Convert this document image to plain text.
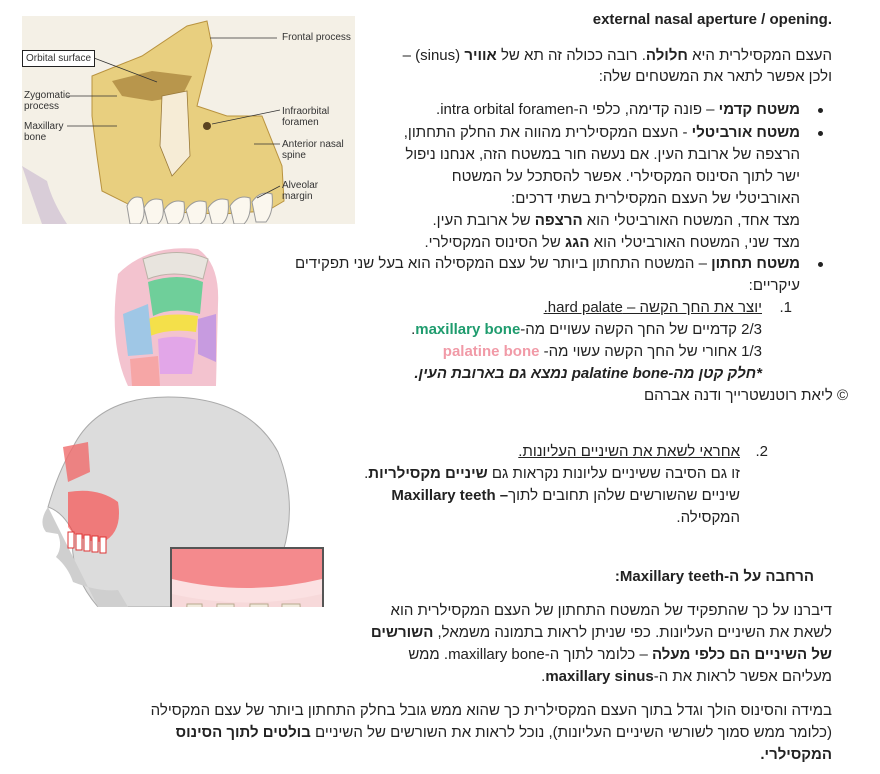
.external nasal aperture / opening
העצם המקסילרית היא חלולה. רובה ככולה זה תא של אוויר (sinus) –
ולכן אפשר לתאר את המשטחים שלה:
משטח קדמי – פונה קדימה, כלפי ה-intra orbital foramen.
משטח אורביטלי - העצם המקסילרית מהווה את החלק התחתון,
הרצפה של ארובת העין. אם נעשה חור במשטח הזה, אנחנו ניפול
ישר לתוך הסינוס המקסילרי. אפשר להסתכל על המשטח
האורביטלי של העצם המקסילרית בשתי דרכים:
מצד אחד, המשטח האורביטלי הוא הרצפה של ארובת העין.
מצד שני, המשטח האורביטלי הוא הגג של הסינוס המקסילרי.
משטח תחתון – המשטח התחתון ביותר של עצם המקסילה הוא בעל שני תפקידים
עיקריים:
1.
יוצר את החך הקשה – hard palate.
2/3 קדמיים של החך הקשה עשויים מה-maxillary bone.
1/3 אחורי של החך הקשה עשוי מה- palatine bone
*חלק קטן מה-palatine bone נמצא גם בארובת העין.
© ליאת רוטנשטרייך ודנה אברהם
2.
אחראי לשאת את השיניים העליונות.
זו גם הסיבה ששיניים עליונות נקראות גם שיניים מקסילריות.
שיניים שהשורשים שלהן תחובים לתוךMaxillary teeth –
המקסילה.
הרחבה על ה-Maxillary teeth:
דיברנו על כך שהתפקיד של המשטח התחתון של העצם המקסילרית הוא
לשאת את השיניים העליונות. כפי שניתן לראות בתמונה משמאל, השורשים
של השיניים הם כלפי מעלה – כלומר לתוך ה-maxillary bone. ממש
מעליהם אפשר לראות את ה-maxillary sinus.
במידה והסינוס הולך וגדל בתוך העצם המקסילרית כך שהוא ממש גובל בחלק התחתון ביותר של עצם המקסילה
(כלומר ממש סמוך לשורשי השיניים העליונות), נוכל לראות את השורשים של השיניים בולטים לתוך הסינוס
המקסילרי.
Frontal process
Orbital surface
Zygomatic
process
Maxillary
bone
Infraorbital
foramen
Anterior nasal
spine
Alveolar
margin
